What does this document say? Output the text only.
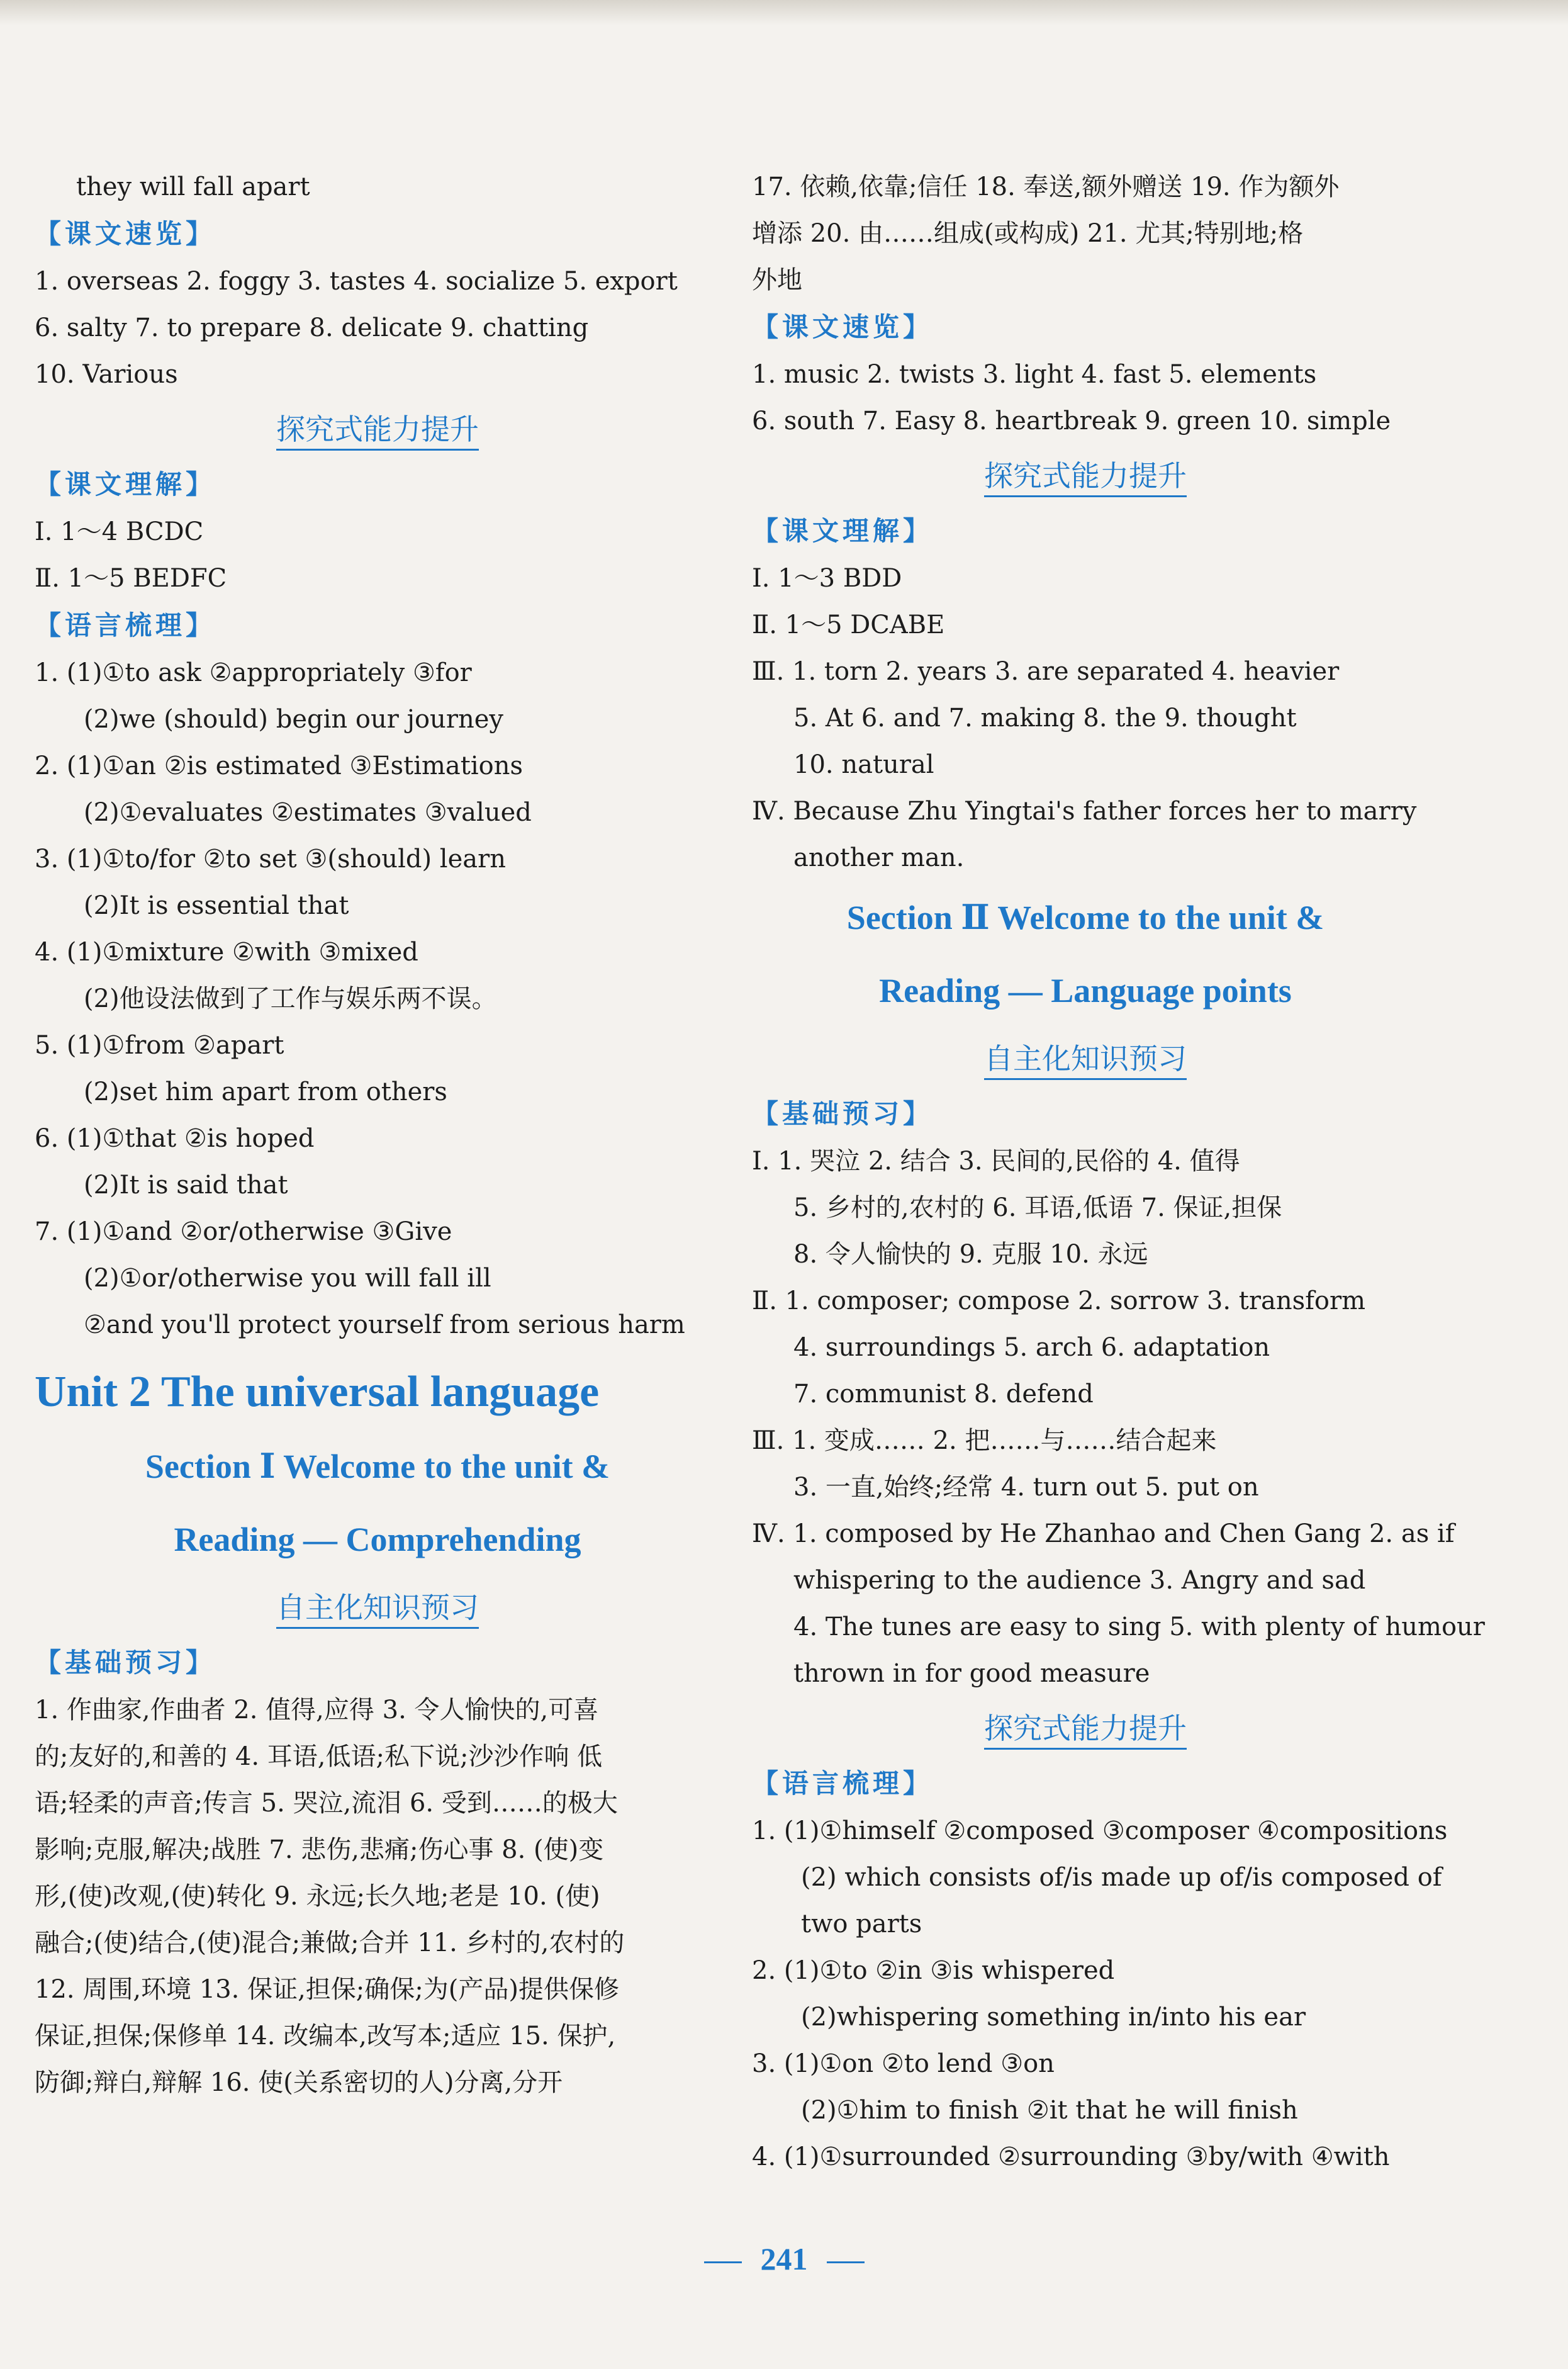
they will fall apart
【课文速览】
1. overseas 2. foggy 3. tastes 4. socialize 5. export
6. salty 7. to prepare 8. delicate 9. chatting
10. Various
探究式能力提升
【课文理解】
Ⅰ. 1～4 BCDC
Ⅱ. 1～5 BEDFC
【语言梳理】
1. (1)①to ask ②appropriately ③for
(2)we (should) begin our journey
2. (1)①an ②is estimated ③Estimations
(2)①evaluates ②estimates ③valued
3. (1)①to/for ②to set ③(should) learn
(2)It is essential that
4. (1)①mixture ②with ③mixed
(2)他设法做到了工作与娱乐两不误。
5. (1)①from ②apart
(2)set him apart from others
6. (1)①that ②is hoped
(2)It is said that
7. (1)①and ②or/otherwise ③Give
(2)①or/otherwise you will fall ill
②and you'll protect yourself from serious harm
Unit 2 The universal language
Section Ⅰ Welcome to the unit &
Reading — Comprehending
自主化知识预习
【基础预习】
1. 作曲家,作曲者 2. 值得,应得 3. 令人愉快的,可喜
的;友好的,和善的 4. 耳语,低语;私下说;沙沙作响 低
语;轻柔的声音;传言 5. 哭泣,流泪 6. 受到……的极大
影响;克服,解决;战胜 7. 悲伤,悲痛;伤心事 8. (使)变
形,(使)改观,(使)转化 9. 永远;长久地;老是 10. (使)
融合;(使)结合,(使)混合;兼做;合并 11. 乡村的,农村的
12. 周围,环境 13. 保证,担保;确保;为(产品)提供保修
保证,担保;保修单 14. 改编本,改写本;适应 15. 保护,
防御;辩白,辩解 16. 使(关系密切的人)分离,分开
17. 依赖,依靠;信任 18. 奉送,额外赠送 19. 作为额外
增添 20. 由……组成(或构成) 21. 尤其;特别地;格
外地
【课文速览】
1. music 2. twists 3. light 4. fast 5. elements
6. south 7. Easy 8. heartbreak 9. green 10. simple
探究式能力提升
【课文理解】
Ⅰ. 1～3 BDD
Ⅱ. 1～5 DCABE
Ⅲ. 1. torn 2. years 3. are separated 4. heavier
5. At 6. and 7. making 8. the 9. thought
10. natural
Ⅳ. Because Zhu Yingtai's father forces her to marry
another man.
Section Ⅱ Welcome to the unit &
Reading — Language points
自主化知识预习
【基础预习】
Ⅰ. 1. 哭泣 2. 结合 3. 民间的,民俗的 4. 值得
5. 乡村的,农村的 6. 耳语,低语 7. 保证,担保
8. 令人愉快的 9. 克服 10. 永远
Ⅱ. 1. composer; compose 2. sorrow 3. transform
4. surroundings 5. arch 6. adaptation
7. communist 8. defend
Ⅲ. 1. 变成…… 2. 把……与……结合起来
3. 一直,始终;经常 4. turn out 5. put on
Ⅳ. 1. composed by He Zhanhao and Chen Gang 2. as if
whispering to the audience 3. Angry and sad
4. The tunes are easy to sing 5. with plenty of humour
thrown in for good measure
探究式能力提升
【语言梳理】
1. (1)①himself ②composed ③composer ④compositions
(2) which consists of/is made up of/is composed of
two parts
2. (1)①to ②in ③is whispered
(2)whispering something in/into his ear
3. (1)①on ②to lend ③on
(2)①him to finish ②it that he will finish
4. (1)①surrounded ②surrounding ③by/with ④with
241
